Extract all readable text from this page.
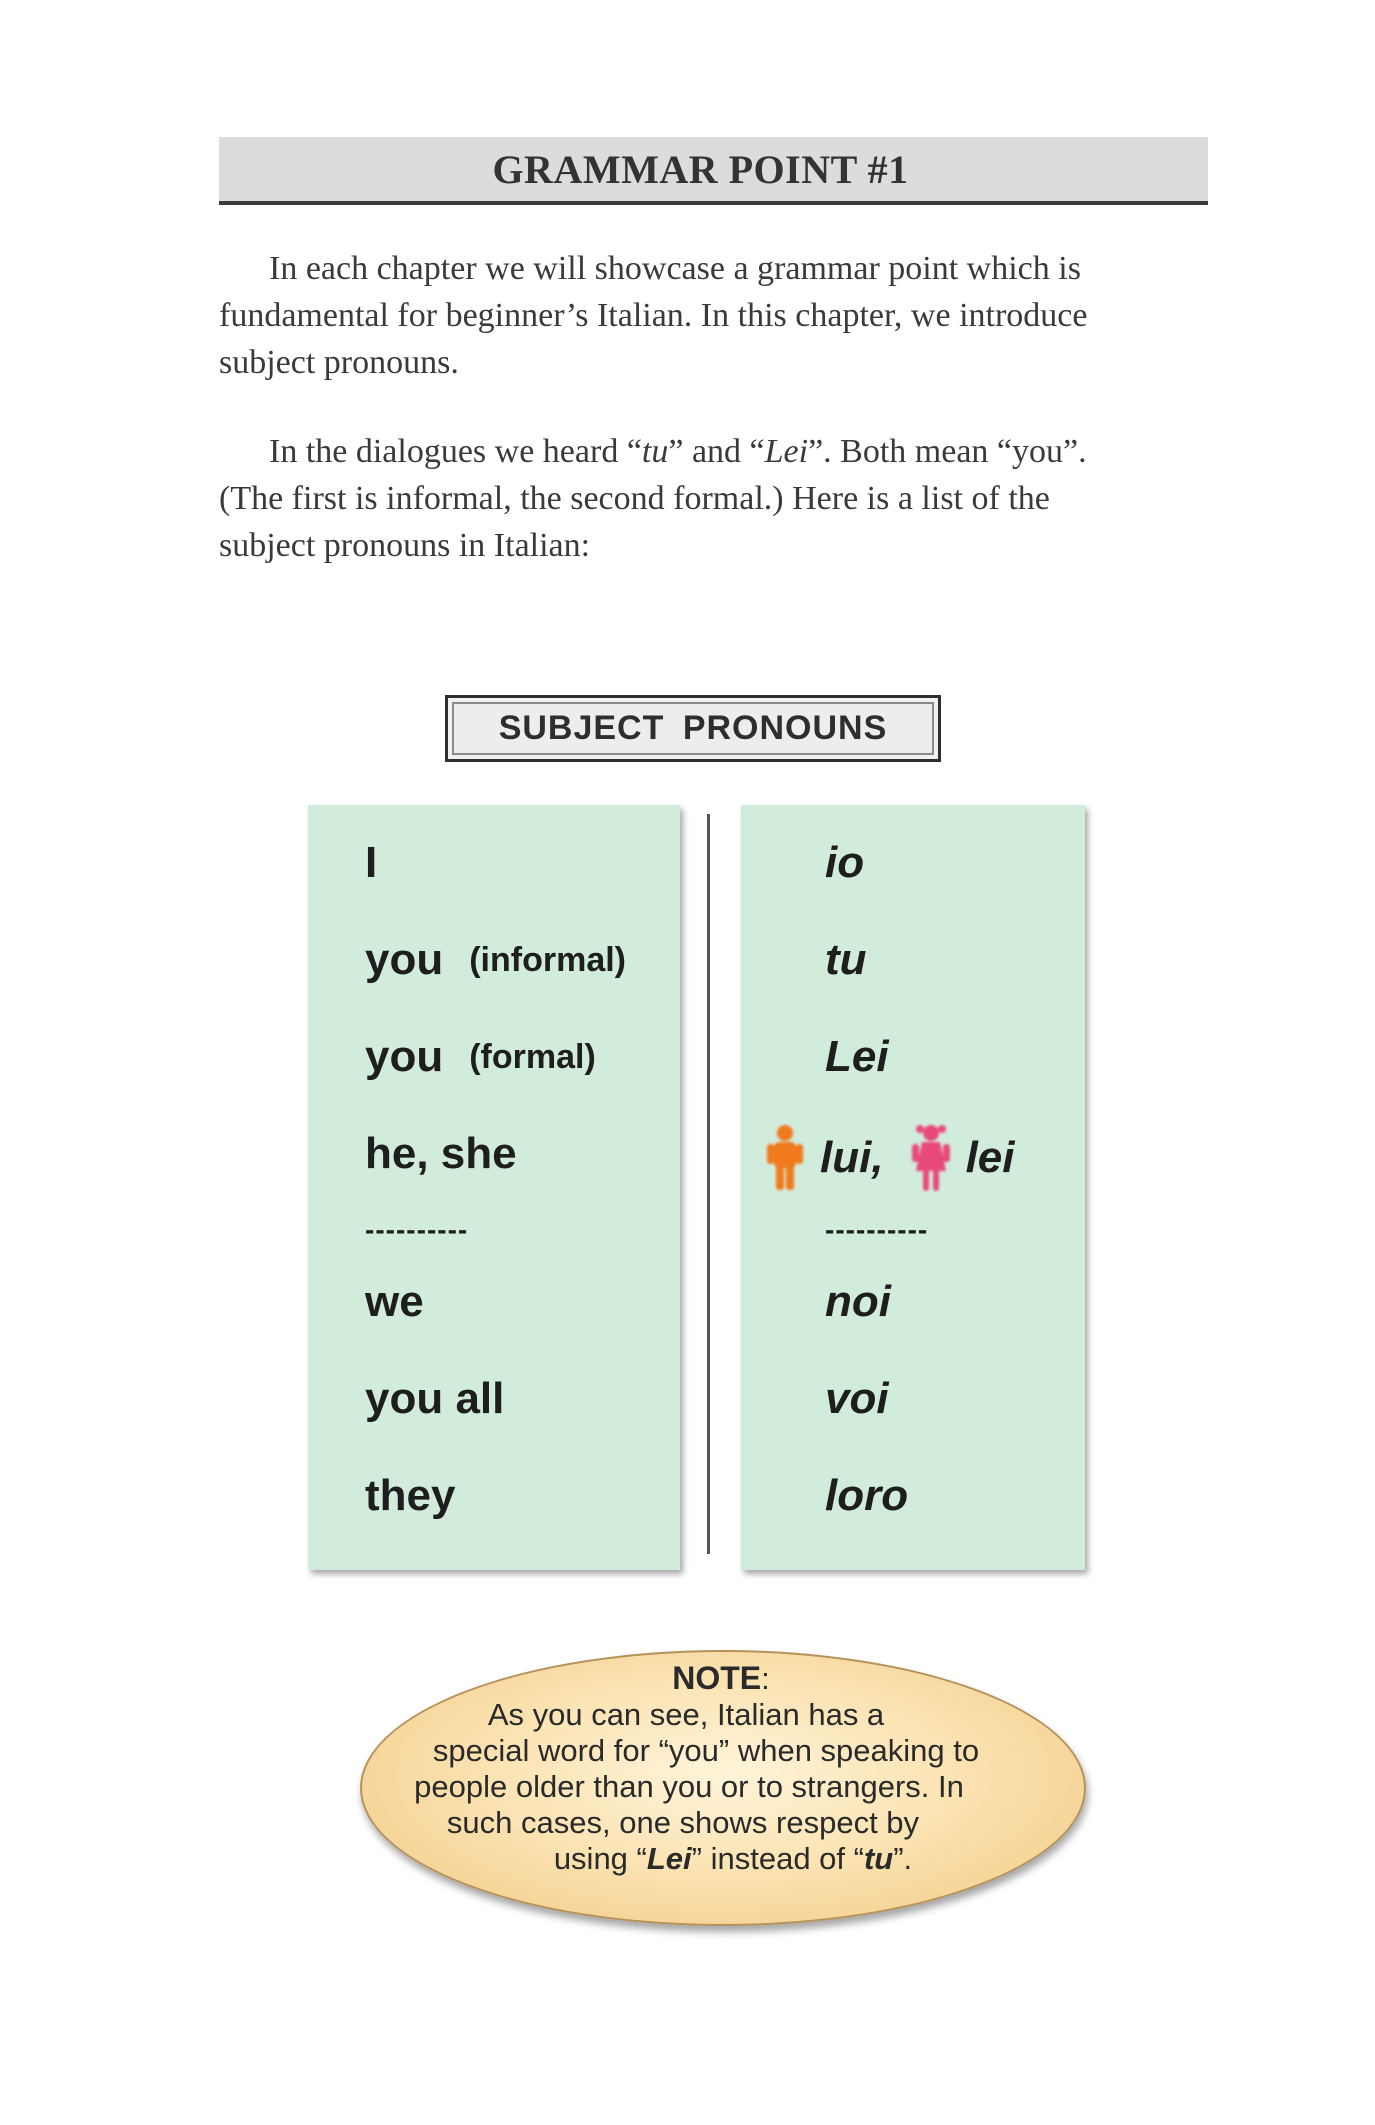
GRAMMAR POINT #1

In each chapter we will showcase a grammar point which is

fundamental for beginner’s Italian. In this chapter, we introduce

subject pronouns.

In the dialogues we heard “tu” and “Lei”. Both mean “you”.

(The first is informal, the second formal.) Here is a list of the

subject pronouns in Italian:

SUBJECT PRONOUNS
I
you (informal)
you (formal)
he, she
----------
we
you all
they
io
tu
Lei
lui, lei
----------
noi
voi
loro
NOTE:
As you can see, Italian has a
special word for “you” when speaking to
people older than you or to strangers. In
such cases, one shows respect by
using “Lei” instead of “tu”.
